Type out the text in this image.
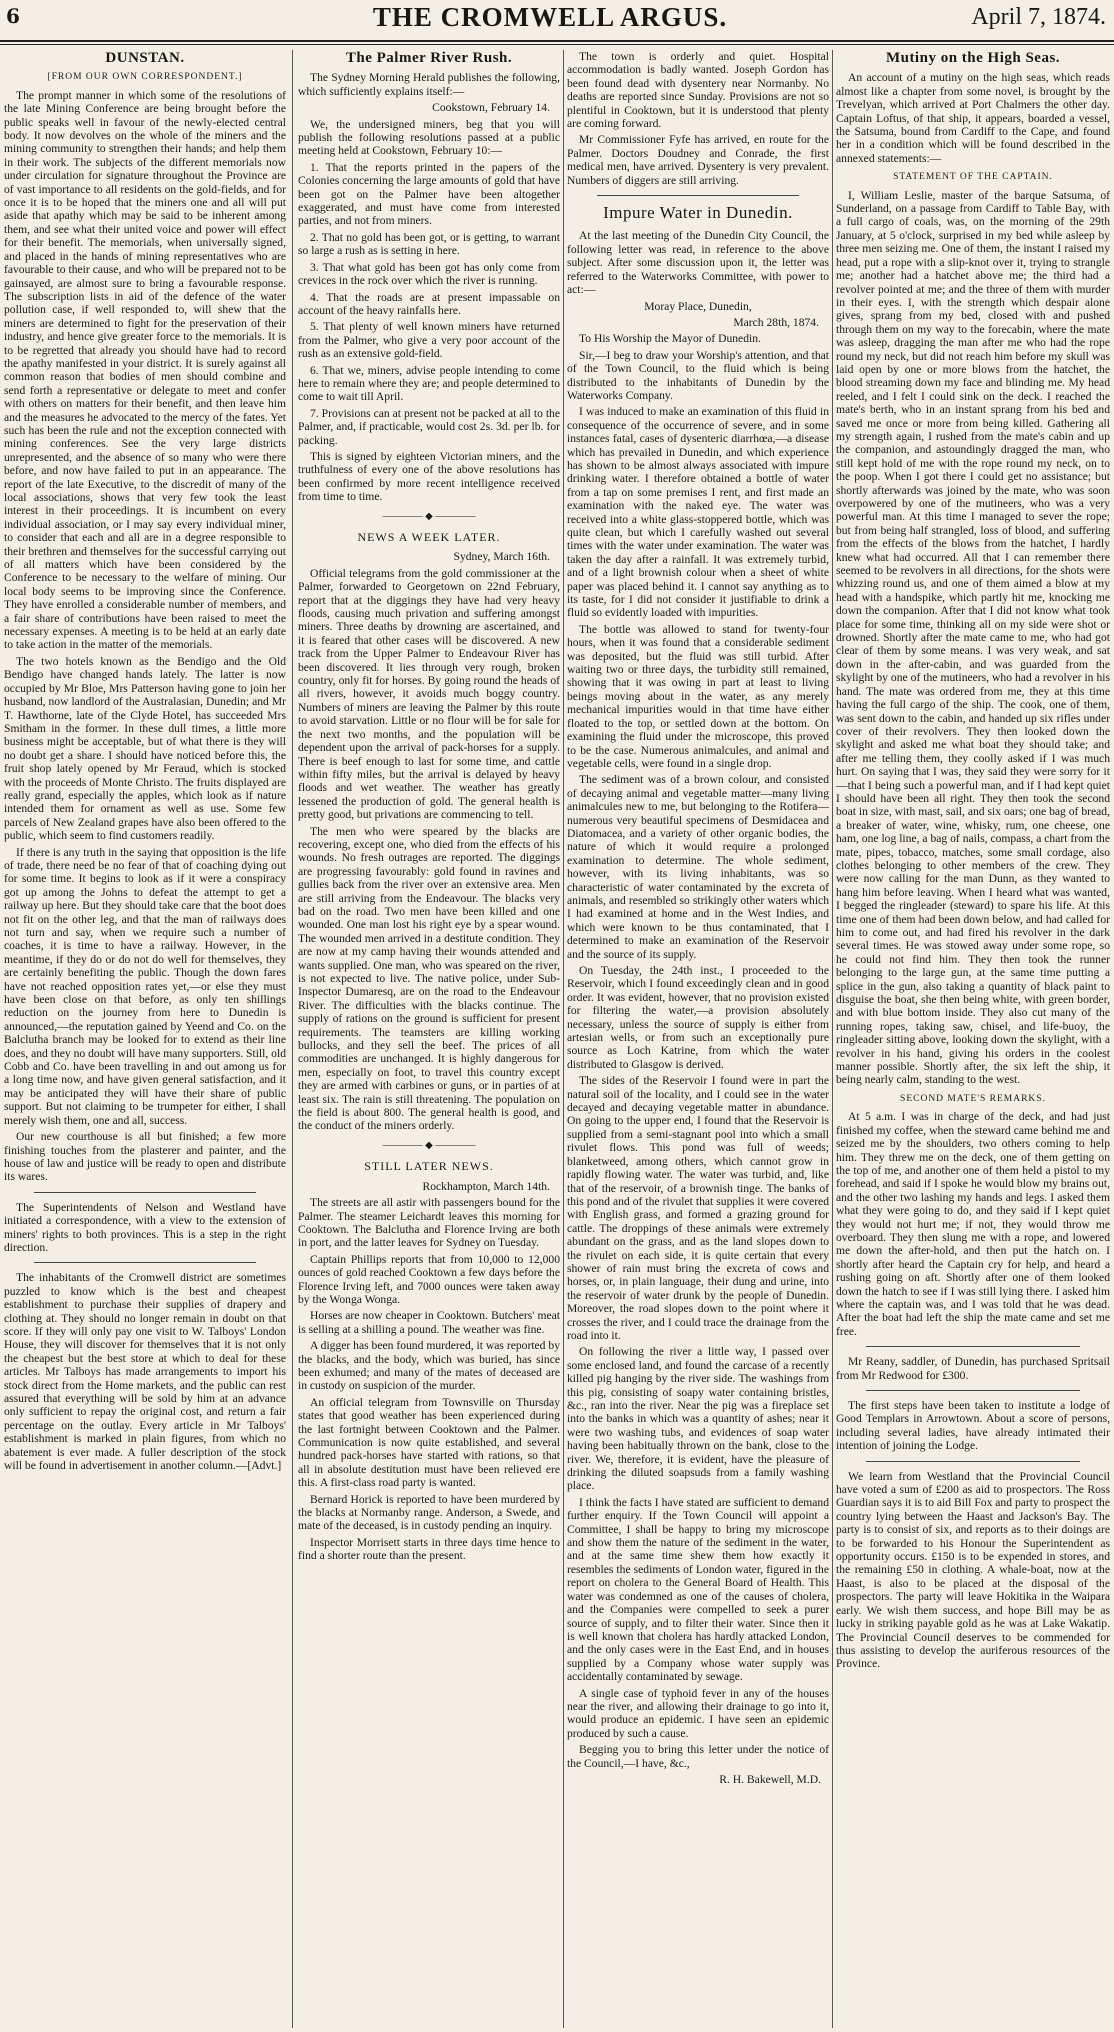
6	THE CROMWELL ARGUS.	April 7, 1874.
DUNSTAN.
[FROM OUR OWN CORRESPONDENT.]

The prompt manner in which some of the resolutions of the late Mining Conference are being brought before the public speaks well in favour of the newly-elected central body. It now devolves on the whole of the miners and the mining community to strengthen their hands; and help them in their work. The subjects of the different memorials now under circulation for signature throughout the Province are of vast importance to all residents on the gold-fields, and for once it is to be hoped that the miners one and all will put aside that apathy which may be said to be inherent among them, and see what their united voice and power will effect for their benefit. The memorials, when universally signed, and placed in the hands of mining representatives who are favourable to their cause, and who will be prepared not to be gainsayed, are almost sure to bring a favourable response. The subscription lists in aid of the defence of the water pollution case, if well responded to, will shew that the miners are determined to fight for the preservation of their industry, and hence give greater force to the memorials. It is to be regretted that already you should have had to record the apathy manifested in your district. It is surely against all common reason that bodies of men should combine and send forth a representative or delegate to meet and confer with others on matters for their benefit, and then leave him and the measures he advocated to the mercy of the fates. Yet such has been the rule and not the exception connected with mining conferences. See the very large districts unrepresented, and the absence of so many who were there before, and now have failed to put in an appearance. The report of the late Executive, to the discredit of many of the local associations, shows that very few took the least interest in their proceedings. It is incumbent on every individual association, or I may say every individual miner, to consider that each and all are in a degree responsible to their brethren and themselves for the successful carrying out of all matters which have been considered by the Conference to be necessary to the welfare of mining. Our local body seems to be improving since the Conference. They have enrolled a considerable number of members, and a fair share of contributions have been raised to meet the necessary expenses. A meeting is to be held at an early date to take action in the matter of the memorials.

The two hotels known as the Bendigo and the Old Bendigo have changed hands lately. The latter is now occupied by Mr Bloe, Mrs Patterson having gone to join her husband, now landlord of the Australasian, Dunedin; and Mr T. Hawthorne, late of the Clyde Hotel, has succeeded Mrs Smitham in the former. In these dull times, a little more business might be acceptable, but of what there is they will no doubt get a share. I should have noticed before this, the fruit shop lately opened by Mr Feraud, which is stocked with the proceeds of Monte Christo. The fruits displayed are really grand, especially the apples, which look as if nature intended them for ornament as well as use. Some few parcels of New Zealand grapes have also been offered to the public, which seem to find customers readily.

If there is any truth in the saying that opposition is the life of trade, there need be no fear of that of coaching dying out for some time. It begins to look as if it were a conspiracy got up among the Johns to defeat the attempt to get a railway up here. But they should take care that the boot does not fit on the other leg, and that the man of railways does not turn and say, when we require such a number of coaches, it is time to have a railway. However, in the meantime, if they do or do not do well for themselves, they are certainly benefiting the public. Though the down fares have not reached opposition rates yet,—or else they must have been close on that before, as only ten shillings reduction on the journey from here to Dunedin is announced,—the reputation gained by Yeend and Co. on the Balclutha branch may be looked for to extend as their line does, and they no doubt will have many supporters. Still, old Cobb and Co. have been travelling in and out among us for a long time now, and have given general satisfaction, and it may be anticipated they will have their share of public support. But not claiming to be trumpeter for either, I shall merely wish them, one and all, success.

Our new courthouse is all but finished; a few more finishing touches from the plasterer and painter, and the house of law and justice will be ready to open and distribute its wares.

The Superintendents of Nelson and Westland have initiated a correspondence, with a view to the extension of miners' rights to both provinces. This is a step in the right direction.

The inhabitants of the Cromwell district are sometimes puzzled to know which is the best and cheapest establishment to purchase their supplies of drapery and clothing at. They should no longer remain in doubt on that score. If they will only pay one visit to W. Talboys' London House, they will discover for themselves that it is not only the cheapest but the best store at which to deal for these articles. Mr Talboys has made arrangements to import his stock direct from the Home markets, and the public can rest assured that everything will be sold by him at an advance only sufficient to repay the original cost, and return a fair percentage on the outlay. Every article in Mr Talboys' establishment is marked in plain figures, from which no abatement is ever made. A fuller description of the stock will be found in advertisement in another column.—[Advt.]

The Palmer River Rush.

The Sydney Morning Herald publishes the following, which sufficiently explains itself:—

Cookstown, February 14.

We, the undersigned miners, beg that you will publish the following resolutions passed at a public meeting held at Cookstown, February 10:—

1. That the reports printed in the papers of the Colonies concerning the large amounts of gold that have been got on the Palmer have been altogether exaggerated, and must have come from interested parties, and not from miners.

2. That no gold has been got, or is getting, to warrant so large a rush as is setting in here.

3. That what gold has been got has only come from crevices in the rock over which the river is running.

4. That the roads are at present impassable on account of the heavy rainfalls here.

5. That plenty of well known miners have returned from the Palmer, who give a very poor account of the rush as an extensive gold-field.

6. That we, miners, advise people intending to come here to remain where they are; and people determined to come to wait till April.

7. Provisions can at present not be packed at all to the Palmer, and, if practicable, would cost 2s. 3d. per lb. for packing.

This is signed by eighteen Victorian miners, and the truthfulness of every one of the above resolutions has been confirmed by more recent intelligence received from time to time.

———— ◆ ————
NEWS A WEEK LATER.
Sydney, March 16th.

Official telegrams from the gold commissioner at the Palmer, forwarded to Georgetown on 22nd February, report that at the diggings they have had very heavy floods, causing much privation and suffering amongst miners. Three deaths by drowning are ascertained, and it is feared that other cases will be discovered. A new track from the Upper Palmer to Endeavour River has been discovered. It lies through very rough, broken country, only fit for horses. By going round the heads of all rivers, however, it avoids much boggy country. Numbers of miners are leaving the Palmer by this route to avoid starvation. Little or no flour will be for sale for the next two months, and the population will be dependent upon the arrival of pack-horses for a supply. There is beef enough to last for some time, and cattle within fifty miles, but the arrival is delayed by heavy floods and wet weather. The weather has greatly lessened the production of gold. The general health is pretty good, but privations are commencing to tell.

The men who were speared by the blacks are recovering, except one, who died from the effects of his wounds. No fresh outrages are reported. The diggings are progressing favourably: gold found in ravines and gullies back from the river over an extensive area. Men are still arriving from the Endeavour. The blacks very bad on the road. Two men have been killed and one wounded. One man lost his right eye by a spear wound. The wounded men arrived in a destitute condition. They are now at my camp having their wounds attended and wants supplied. One man, who was speared on the river, is not expected to live. The native police, under Sub-Inspector Dumaresq, are on the road to the Endeavour River. The difficulties with the blacks continue. The supply of rations on the ground is sufficient for present requirements. The teamsters are killing working bullocks, and they sell the beef. The prices of all commodities are unchanged. It is highly dangerous for men, especially on foot, to travel this country except they are armed with carbines or guns, or in parties of at least six. The rain is still threatening. The population on the field is about 800. The general health is good, and the conduct of the miners orderly.

———— ◆ ————
STILL LATER NEWS.
Rockhampton, March 14th.

The streets are all astir with passengers bound for the Palmer. The steamer Leichardt leaves this morning for Cooktown. The Balclutha and Florence Irving are both in port, and the latter leaves for Sydney on Tuesday.

Captain Phillips reports that from 10,000 to 12,000 ounces of gold reached Cooktown a few days before the Florence Irving left, and 7000 ounces were taken away by the Wonga Wonga.

Horses are now cheaper in Cooktown. Butchers' meat is selling at a shilling a pound. The weather was fine.

A digger has been found murdered, it was reported by the blacks, and the body, which was buried, has since been exhumed; and many of the mates of deceased are in custody on suspicion of the murder.

An official telegram from Townsville on Thursday states that good weather has been experienced during the last fortnight between Cooktown and the Palmer. Communication is now quite established, and several hundred pack-horses have started with rations, so that all in absolute destitution must have been relieved ere this. A first-class road party is wanted.

Bernard Horick is reported to have been murdered by the blacks at Normanby range. Anderson, a Swede, and mate of the deceased, is in custody pending an inquiry.

Inspector Morrisett starts in three days time hence to find a shorter route than the present.

The town is orderly and quiet. Hospital accommodation is badly wanted. Joseph Gordon has been found dead with dysentery near Normanby. No deaths are reported since Sunday. Provisions are not so plentiful in Cooktown, but it is understood that plenty are coming forward.

Mr Commissioner Fyfe has arrived, en route for the Palmer. Doctors Doudney and Conrade, the first medical men, have arrived. Dysentery is very prevalent. Numbers of diggers are still arriving.

Impure Water in Dunedin.

At the last meeting of the Dunedin City Council, the following letter was read, in reference to the above subject. After some discussion upon it, the letter was referred to the Waterworks Committee, with power to act:—

Moray Place, Dunedin,
March 28th, 1874.

To His Worship the Mayor of Dunedin.

Sir,—I beg to draw your Worship's attention, and that of the Town Council, to the fluid which is being distributed to the inhabitants of Dunedin by the Waterworks Company.

I was induced to make an examination of this fluid in consequence of the occurrence of severe, and in some instances fatal, cases of dysenteric diarrhœa,—a disease which has prevailed in Dunedin, and which experience has shown to be almost always associated with impure drinking water. I therefore obtained a bottle of water from a tap on some premises I rent, and first made an examination with the naked eye. The water was received into a white glass-stoppered bottle, which was quite clean, but which I carefully washed out several times with the water under examination. The water was taken the day after a rainfall. It was extremely turbid, and of a light brownish colour when a sheet of white paper was placed behind it. I cannot say anything as to its taste, for I did not consider it justifiable to drink a fluid so evidently loaded with impurities.

The bottle was allowed to stand for twenty-four hours, when it was found that a considerable sediment was deposited, but the fluid was still turbid. After waiting two or three days, the turbidity still remained, showing that it was owing in part at least to living beings moving about in the water, as any merely mechanical impurities would in that time have either floated to the top, or settled down at the bottom. On examining the fluid under the microscope, this proved to be the case. Numerous animalcules, and animal and vegetable cells, were found in a single drop.

The sediment was of a brown colour, and consisted of decaying animal and vegetable matter—many living animalcules new to me, but belonging to the Rotifera—numerous very beautiful specimens of Desmidacea and Diatomacea, and a variety of other organic bodies, the nature of which it would require a prolonged examination to determine. The whole sediment, however, with its living inhabitants, was so characteristic of water contaminated by the excreta of animals, and resembled so strikingly other waters which I had examined at home and in the West Indies, and which were known to be thus contaminated, that I determined to make an examination of the Reservoir and the source of its supply.

On Tuesday, the 24th inst., I proceeded to the Reservoir, which I found exceedingly clean and in good order. It was evident, however, that no provision existed for filtering the water,—a provision absolutely necessary, unless the source of supply is either from artesian wells, or from such an exceptionally pure source as Loch Katrine, from which the water distributed to Glasgow is derived.

The sides of the Reservoir I found were in part the natural soil of the locality, and I could see in the water decayed and decaying vegetable matter in abundance. On going to the upper end, I found that the Reservoir is supplied from a semi-stagnant pool into which a small rivulet flows. This pond was full of weeds; blanketweed, among others, which cannot grow in rapidly flowing water. The water was turbid, and, like that of the reservoir, of a brownish tinge. The banks of this pond and of the rivulet that supplies it were covered with English grass, and formed a grazing ground for cattle. The droppings of these animals were extremely abundant on the grass, and as the land slopes down to the rivulet on each side, it is quite certain that every shower of rain must bring the excreta of cows and horses, or, in plain language, their dung and urine, into the reservoir of water drunk by the people of Dunedin. Moreover, the road slopes down to the point where it crosses the river, and I could trace the drainage from the road into it.

On following the river a little way, I passed over some enclosed land, and found the carcase of a recently killed pig hanging by the river side. The washings from this pig, consisting of soapy water containing bristles, &c., ran into the river. Near the pig was a fireplace set into the banks in which was a quantity of ashes; near it were two washing tubs, and evidences of soap water having been habitually thrown on the bank, close to the river. We, therefore, it is evident, have the pleasure of drinking the diluted soapsuds from a family washing place.

I think the facts I have stated are sufficient to demand further enquiry. If the Town Council will appoint a Committee, I shall be happy to bring my microscope and show them the nature of the sediment in the water, and at the same time shew them how exactly it resembles the sediments of London water, figured in the report on cholera to the General Board of Health. This water was condemned as one of the causes of cholera, and the Companies were compelled to seek a purer source of supply, and to filter their water. Since then it is well known that cholera has hardly attacked London, and the only cases were in the East End, and in houses supplied by a Company whose water supply was accidentally contaminated by sewage.

A single case of typhoid fever in any of the houses near the river, and allowing their drainage to go into it, would produce an epidemic. I have seen an epidemic produced by such a cause.

Begging you to bring this letter under the notice of the Council,—I have, &c.,

R. H. Bakewell, M.D.
Mutiny on the High Seas.

An account of a mutiny on the high seas, which reads almost like a chapter from some novel, is brought by the Trevelyan, which arrived at Port Chalmers the other day. Captain Loftus, of that ship, it appears, boarded a vessel, the Satsuma, bound from Cardiff to the Cape, and found her in a condition which will be found described in the annexed statements:—

STATEMENT OF THE CAPTAIN.

I, William Leslie, master of the barque Satsuma, of Sunderland, on a passage from Cardiff to Table Bay, with a full cargo of coals, was, on the morning of the 29th January, at 5 o'clock, surprised in my bed while asleep by three men seizing me. One of them, the instant I raised my head, put a rope with a slip-knot over it, trying to strangle me; another had a hatchet above me; the third had a revolver pointed at me; and the three of them with murder in their eyes. I, with the strength which despair alone gives, sprang from my bed, closed with and pushed through them on my way to the forecabin, where the mate was asleep, dragging the man after me who had the rope round my neck, but did not reach him before my skull was laid open by one or more blows from the hatchet, the blood streaming down my face and blinding me. My head reeled, and I felt I could sink on the deck. I reached the mate's berth, who in an instant sprang from his bed and saved me once or more from being killed. Gathering all my strength again, I rushed from the mate's cabin and up the companion, and astoundingly dragged the man, who still kept hold of me with the rope round my neck, on to the poop. When I got there I could get no assistance; but shortly afterwards was joined by the mate, who was soon overpowered by one of the mutineers, who was a very powerful man. At this time I managed to sever the rope; but from being half strangled, loss of blood, and suffering from the effects of the blows from the hatchet, I hardly knew what had occurred. All that I can remember there seemed to be revolvers in all directions, for the shots were whizzing round us, and one of them aimed a blow at my head with a handspike, which partly hit me, knocking me down the companion. After that I did not know what took place for some time, thinking all on my side were shot or drowned. Shortly after the mate came to me, who had got clear of them by some means. I was very weak, and sat down in the after-cabin, and was guarded from the skylight by one of the mutineers, who had a revolver in his hand. The mate was ordered from me, they at this time having the full cargo of the ship. The cook, one of them, was sent down to the cabin, and handed up six rifles under cover of their revolvers. They then looked down the skylight and asked me what boat they should take; and after me telling them, they coolly asked if I was much hurt. On saying that I was, they said they were sorry for it—that I being such a powerful man, and if I had kept quiet I should have been all right. They then took the second boat in size, with mast, sail, and six oars; one bag of bread, a breaker of water, wine, whisky, rum, one cheese, one ham, one log line, a bag of nails, compass, a chart from the mate, pipes, tobacco, matches, some small cordage, also clothes belonging to other members of the crew. They were now calling for the man Dunn, as they wanted to hang him before leaving. When I heard what was wanted, I begged the ringleader (steward) to spare his life. At this time one of them had been down below, and had called for him to come out, and had fired his revolver in the dark several times. He was stowed away under some rope, so he could not find him. They then took the runner belonging to the large gun, at the same time putting a splice in the gun, also taking a quantity of black paint to disguise the boat, she then being white, with green border, and with blue bottom inside. They also cut many of the running ropes, taking saw, chisel, and life-buoy, the ringleader sitting above, looking down the skylight, with a revolver in his hand, giving his orders in the coolest manner possible. Shortly after, the six left the ship, it being nearly calm, standing to the west.

SECOND MATE'S REMARKS.

At 5 a.m. I was in charge of the deck, and had just finished my coffee, when the steward came behind me and seized me by the shoulders, two others coming to help him. They threw me on the deck, one of them getting on the top of me, and another one of them held a pistol to my forehead, and said if I spoke he would blow my brains out, and the other two lashing my hands and legs. I asked them what they were going to do, and they said if I kept quiet they would not hurt me; if not, they would throw me overboard. They then slung me with a rope, and lowered me down the after-hold, and then put the hatch on. I shortly after heard the Captain cry for help, and heard a rushing going on aft. Shortly after one of them looked down the hatch to see if I was still lying there. I asked him where the captain was, and I was told that he was dead. After the boat had left the ship the mate came and set me free.

Mr Reany, saddler, of Dunedin, has purchased Spritsail from Mr Redwood for £300.

The first steps have been taken to institute a lodge of Good Templars in Arrowtown. About a score of persons, including several ladies, have already intimated their intention of joining the Lodge.

We learn from Westland that the Provincial Council have voted a sum of £200 as aid to prospectors. The Ross Guardian says it is to aid Bill Fox and party to prospect the country lying between the Haast and Jackson's Bay. The party is to consist of six, and reports as to their doings are to be forwarded to his Honour the Superintendent as opportunity occurs. £150 is to be expended in stores, and the remaining £50 in clothing. A whale-boat, now at the Haast, is also to be placed at the disposal of the prospectors. The party will leave Hokitika in the Waipara early. We wish them success, and hope Bill may be as lucky in striking payable gold as he was at Lake Wakatip. The Provincial Council deserves to be commended for thus assisting to develop the auriferous resources of the Province.
